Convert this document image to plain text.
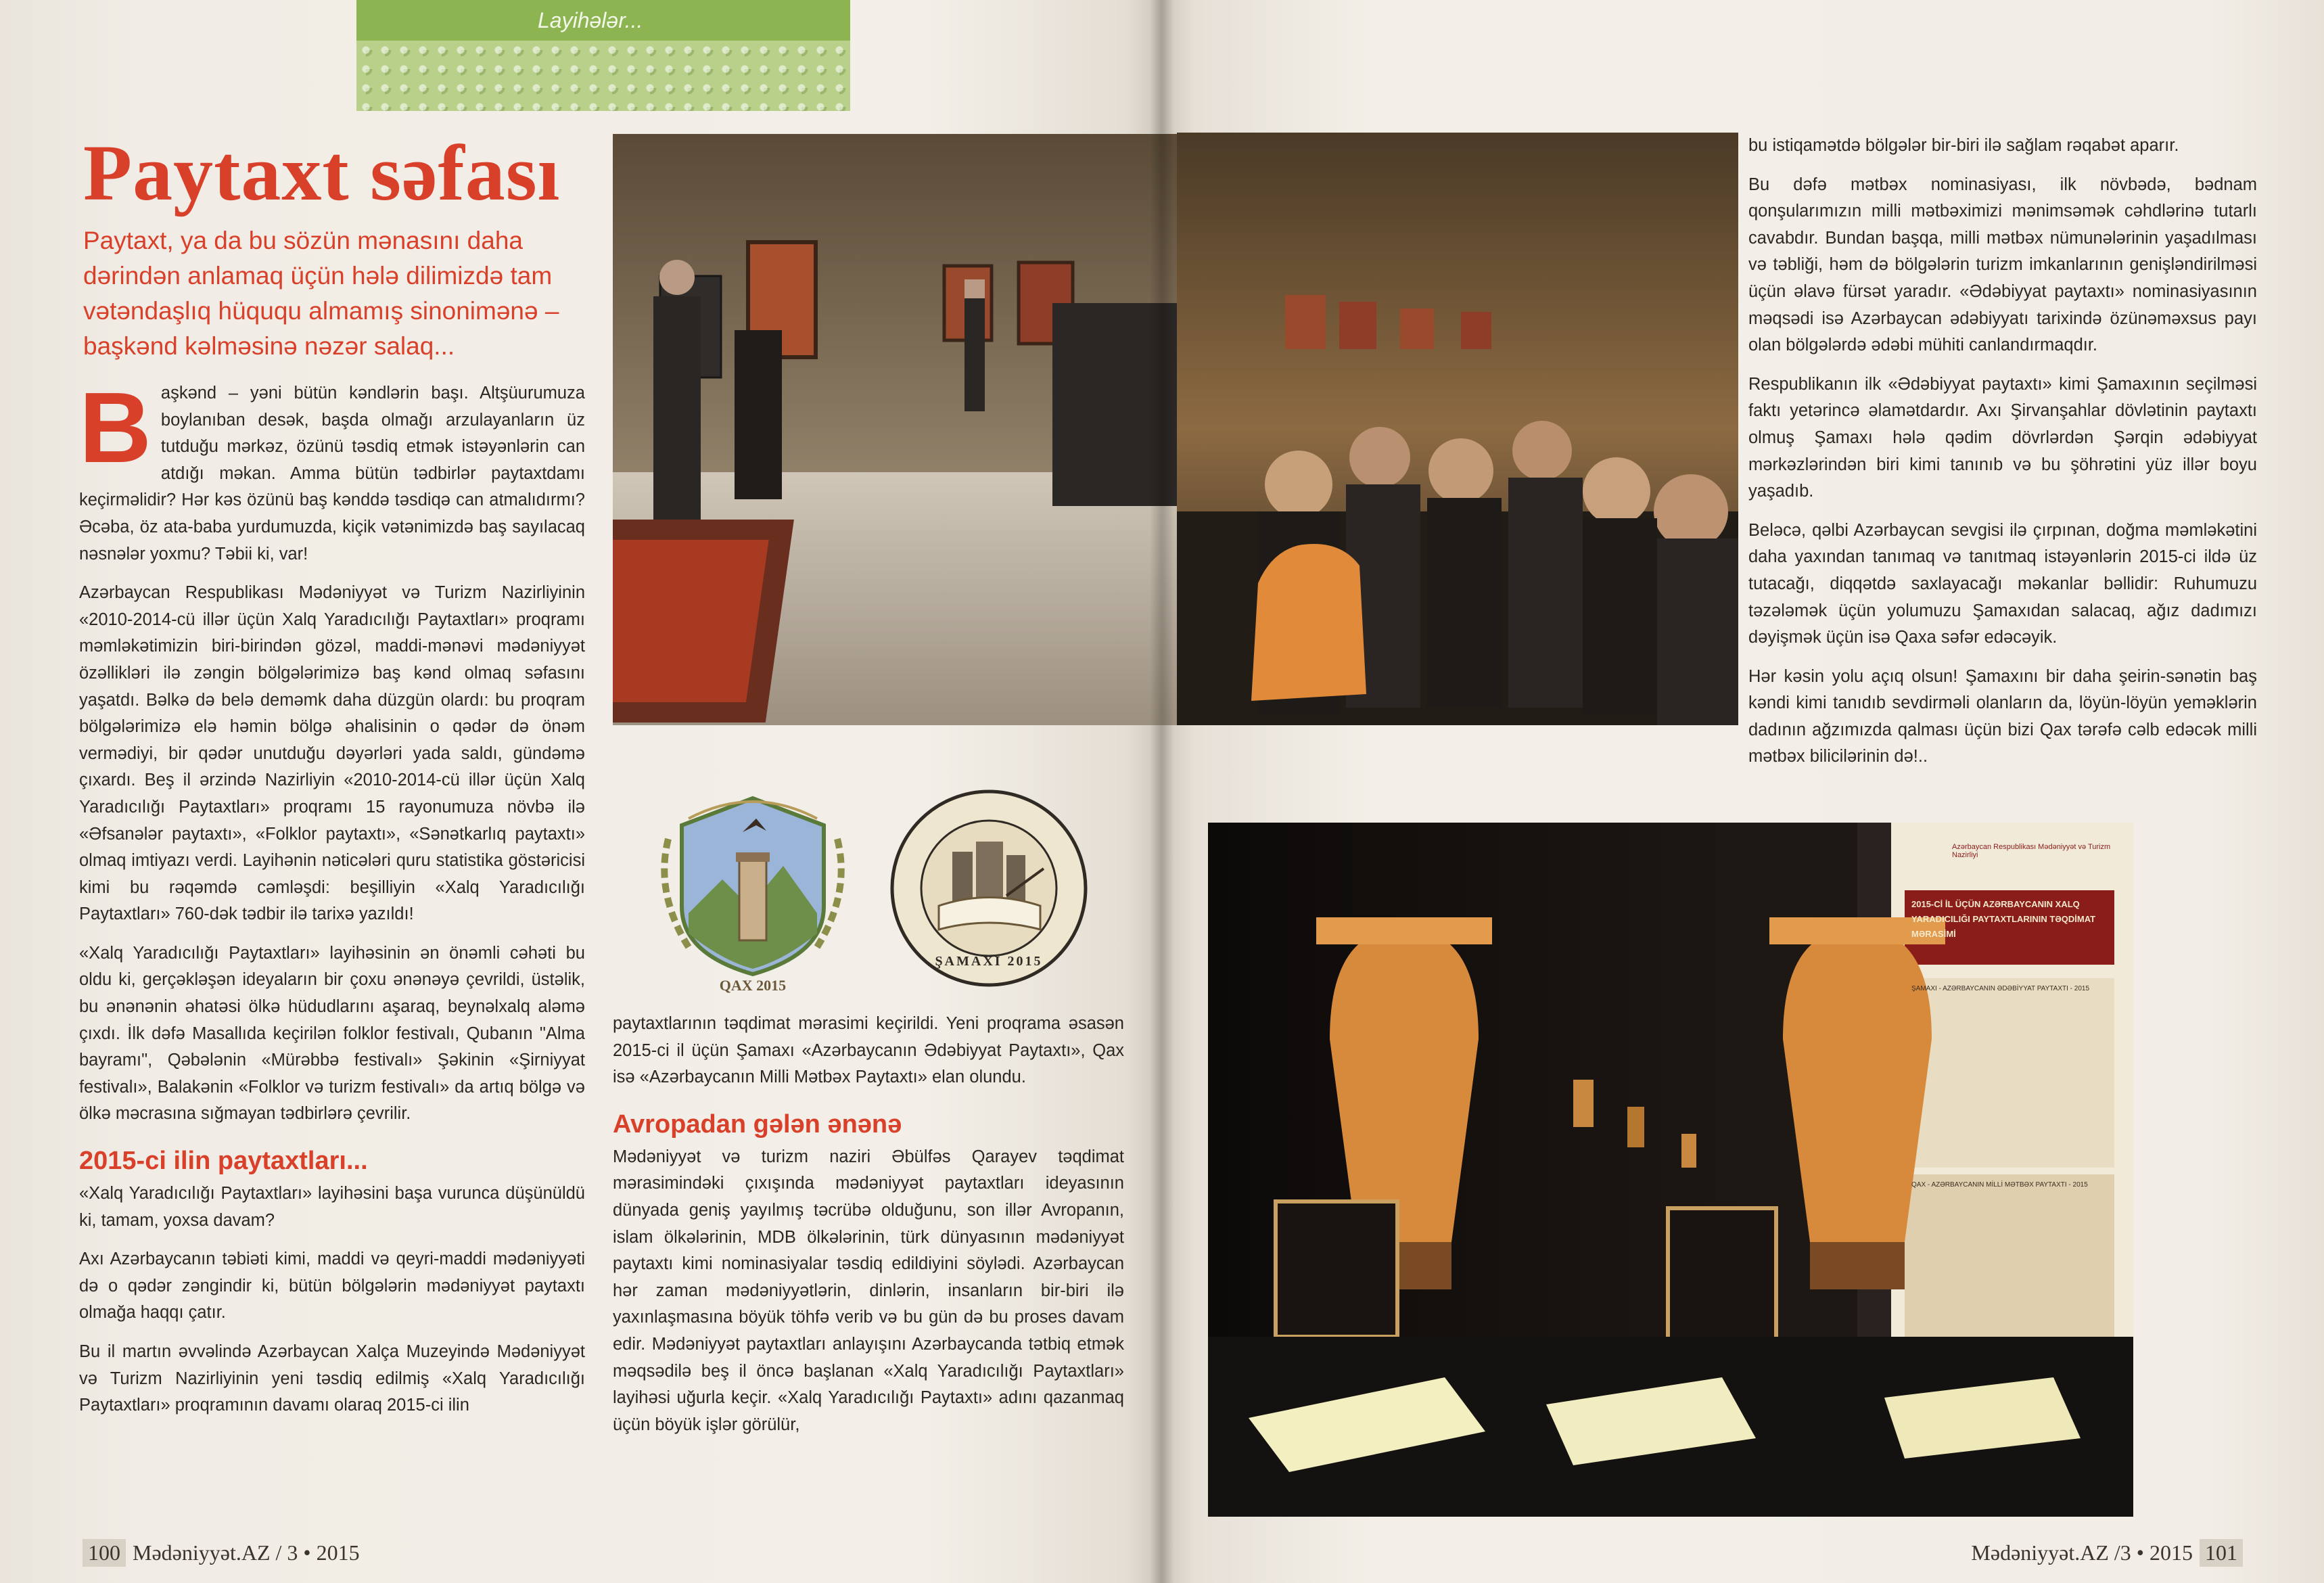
Layihələr...
Paytaxt səfası
Paytaxt, ya da bu sözün mənasını daha dərindən anlamaq üçün hələ dilimizdə tam vətəndaşlıq hüququ almamış sinonimənə – başkənd kəlməsinə nəzər salaq...

Başkənd – yəni bütün kəndlərin başı. Altşüurumuza boylanıban desək, başda olmağı arzulayanların üz tutduğu mərkəz, özünü təsdiq etmək istəyənlərin can atdığı məkan. Amma bütün tədbirlər paytaxtdamı keçirməlidir? Hər kəs özünü baş kənddə təsdiqə can atmalıdırmı? Əcəba, öz ata-baba yurdumuzda, kiçik vətənimizdə baş sayılacaq nəsnələr yoxmu? Təbii ki, var!

Azərbaycan Respublikası Mədəniyyət və Turizm Nazirliyinin «2010-2014-cü illər üçün Xalq Yaradıcılığı Paytaxtları» proqramı məmləkətimizin biri-birindən gözəl, maddi-mənəvi mədəniyyət özəllikləri ilə zəngin bölgələrimizə baş kənd olmaq səfasını yaşatdı. Bəlkə də belə deməmk daha düzgün olardı: bu proqram bölgələrimizə elə həmin bölgə əhalisinin o qədər də önəm vermədiyi, bir qədər unutduğu dəyərləri yada saldı, gündəmə çıxardı. Beş il ərzində Nazirliyin «2010-2014-cü illər üçün Xalq Yaradıcılığı Paytaxtları» proqramı 15 rayonumuza növbə ilə «Əfsanələr paytaxtı», «Folklor paytaxtı», «Sənətkarlıq paytaxtı» olmaq imtiyazı verdi. Layihənin nəticələri quru statistika göstəricisi kimi bu rəqəmdə cəmləşdi: beşilliyin «Xalq Yaradıcılığı Paytaxtları» 760-dək tədbir ilə tarixə yazıldı!

«Xalq Yaradıcılığı Paytaxtları» layihəsinin ən önəmli cəhəti bu oldu ki, gerçəkləşən ideyaların bir çoxu ənənəyə çevrildi, üstəlik, bu ənənənin əhatəsi ölkə hüdudlarını aşaraq, beynəlxalq aləmə çıxdı. İlk dəfə Masallıda keçirilən folklor festivalı, Qubanın "Alma bayramı", Qəbələnin «Mürəbbə festivalı» Şəkinin «Şirniyyat festivalı», Balakənin «Folklor və turizm festivalı» da artıq bölgə və ölkə məcrasına sığmayan tədbirlərə çevrilir.

2015-ci ilin paytaxtları...

«Xalq Yaradıcılığı Paytaxtları» layihəsini başa vurunca düşünüldü ki, tamam, yoxsa davam?

Axı Azərbaycanın təbiəti kimi, maddi və qeyri-maddi mədəniyyəti də o qədər zəngindir ki, bütün bölgələrin mədəniyyət paytaxtı olmağa haqqı çatır.

Bu il martın əvvəlində Azərbaycan Xalça Muzeyində Mədəniyyət və Turizm Nazirliyinin yeni təsdiq edilmiş «Xalq Yaradıcılığı Paytaxtları» proqramının davamı olaraq 2015-ci ilin

QAX 2015
ŞAMAXI 2015
100 Mədəniyyət.AZ / 3 • 2015

bu istiqamətdə bölgələr bir-biri ilə sağlam rəqabət aparır.

Bu dəfə mətbəx nominasiyası, ilk növbədə, bədnam qonşularımızın milli mətbəximizi mənimsəmək cəhdlərinə tutarlı cavabdır. Bundan başqa, milli mətbəx nümunələrinin yaşadılması və təbliği, həm də bölgələrin turizm imkanlarının genişləndirilməsi üçün əlavə fürsət yaradır. «Ədəbiyyat paytaxtı» nominasiyasının məqsədi isə Azərbaycan ədəbiyyatı tarixində özünəməxsus payı olan bölgələrdə ədəbi mühiti canlandırmaqdır.

Respublikanın ilk «Ədəbiyyat paytaxtı» kimi Şamaxının seçilməsi faktı yetərincə əlamətdardır. Axı Şirvanşahlar dövlətinin paytaxtı olmuş Şamaxı hələ qədim dövrlərdən Şərqin ədəbiyyat mərkəzlərindən biri kimi tanınıb və bu şöhrətini yüz illər boyu yaşadıb.

Beləcə, qəlbi Azərbaycan sevgisi ilə çırpınan, doğma məmləkətini daha yaxından tanımaq və tanıtmaq istəyənlərin 2015-ci ildə üz tutacağı, diqqətdə saxlayacağı məkanlar bəllidir: Ruhumuzu təzələmək üçün yolumuzu Şamaxıdan salacaq, ağız dadımızı dəyişmək üçün isə Qaxa səfər edəcəyik.

Hər kəsin yolu açıq olsun! Şamaxını bir daha şeirin-sənətin baş kəndi kimi tanıdıb sevdirməli olanların da, löyün-löyün yeməklərin dadının ağzımızda qalması üçün bizi Qax tərəfə cəlb edəcək milli mətbəx bilicilərinin də!..

Mədəniyyət.AZ /3 • 2015 101

paytaxtlarının təqdimat mərasimi keçirildi. Yeni proqrama əsasən 2015-ci il üçün Şamaxı «Azərbaycanın Ədəbiyyat Paytaxtı», Qax isə «Azərbaycanın Milli Mətbəx Paytaxtı» elan olundu.

Avropadan gələn ənənə

Mədəniyyət və turizm naziri Əbülfəs Qarayev təqdimat mərasimindəki çıxışında mədəniyyət paytaxtları ideyasının dünyada geniş yayılmış təcrübə olduğunu, son illər Avropanın, islam ölkələrinin, MDB ölkələrinin, türk dünyasının mədəniyyət paytaxtı kimi nominasiyalar təsdiq edildiyini söylədi. Azərbaycan hər zaman mədəniyyətlərin, dinlərin, insanların bir-biri ilə yaxınlaşmasına böyük töhfə verib və bu gün də bu proses davam edir. Mədəniyyət paytaxtları anlayışını Azərbaycanda tətbiq etmək məqsədilə beş il öncə başlanan «Xalq Yaradıcılığı Paytaxtları» layihəsi uğurla keçir. «Xalq Yaradıcılığı Paytaxtı» adını qazanmaq üçün böyük işlər görülür,

Azərbaycan Respublikası Mədəniyyət və Turizm Nazirliyi
2015-Cİ İL ÜÇÜN AZƏRBAYCANIN XALQ YARADICILIĞI PAYTAXTLARININ TƏQDİMAT MƏRASİMİ
ŞAMAXI - AZƏRBAYCANIN ƏDƏBİYYAT PAYTAXTI - 2015
QAX - AZƏRBAYCANIN MİLLİ MƏTBƏX PAYTAXTI - 2015
